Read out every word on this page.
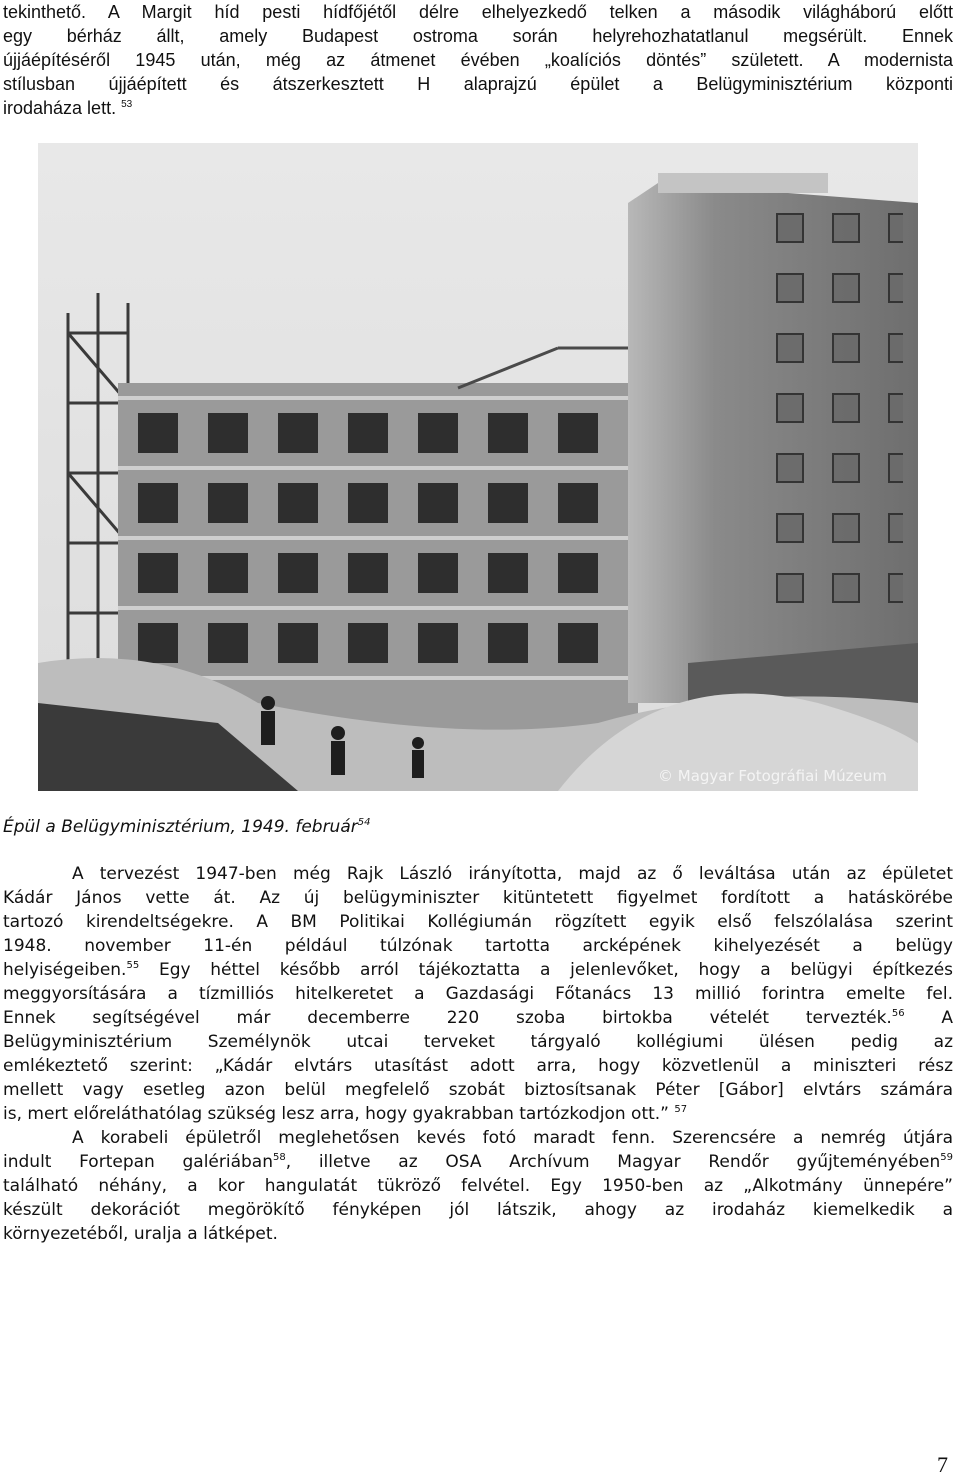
tekinthető. A Margit híd pesti hídfőjétől délre elhelyezkedő telken a második világháború előtt
egy bérház állt, amely Budapest ostroma során helyrehozhatatlanul megsérült. Ennek
újjáépítéséről 1945 után, még az átmenet évében „koalíciós döntés” született. A modernista
stílusban újjáépített és átszerkesztett H alaprajzú épület a Belügyminisztérium központi
irodaháza lett. $^{53}$
© Magyar Fotográfiai Múzeum
Épül a Belügyminisztérium, 1949. február$^{54}$
A tervezést 1947-ben még Rajk László irányította, majd az ő leváltása után az épületet
Kádár János vette át. Az új belügyminiszter kitüntetett figyelmet fordított a hatáskörébe
tartozó kirendeltségekre. A BM Politikai Kollégiumán rögzített egyik első felszólalása szerint
1948. november 11-én például túlzónak tartotta arcképének kihelyezését a belügy
helyiségeiben.$^{55}$ Egy héttel később arról tájékoztatta a jelenlevőket, hogy a belügyi építkezés
meggyorsítására a tízmilliós hitelkeretet a Gazdasági Főtanács 13 millió forintra emelte fel.
Ennek segítségével már decemberre 220 szoba birtokba vételét tervezték.$^{56}$ A
Belügyminisztérium Személynök utcai terveket tárgyaló kollégiumi ülésen pedig az
emlékeztető szerint: „Kádár elvtárs utasítást adott arra, hogy közvetlenül a miniszteri rész
mellett vagy esetleg azon belül megfelelő szobát biztosítsanak Péter [Gábor] elvtárs számára
is, mert előreláthatólag szükség lesz arra, hogy gyakrabban tartózkodjon ott.” $^{57}$
A korabeli épületről meglehetősen kevés fotó maradt fenn. Szerencsére a nemrég útjára
indult Fortepan galériában$^{58}$, illetve az OSA Archívum Magyar Rendőr gyűjteményében$^{59}$
található néhány, a kor hangulatát tükröző felvétel. Egy 1950-ben az „Alkotmány ünnepére”
készült dekorációt megörökítő fényképen jól látszik, ahogy az irodaház kiemelkedik a
környezetéből, uralja a látképet.
7
